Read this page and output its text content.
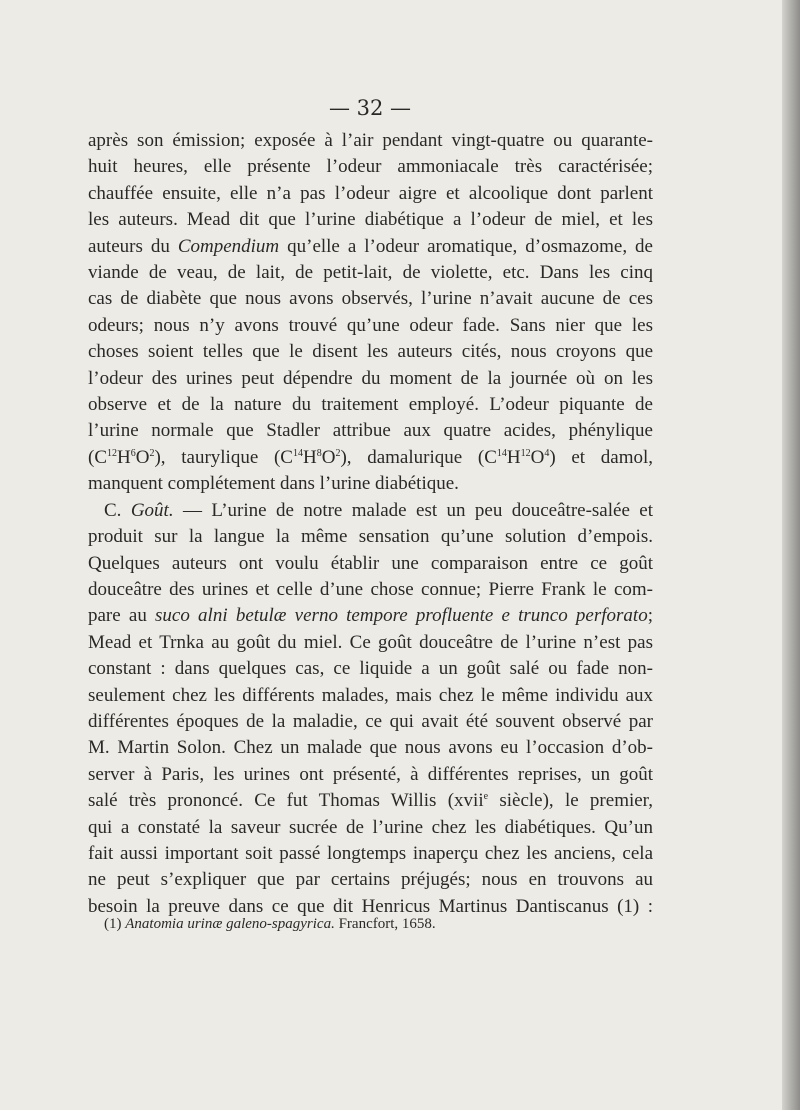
— 32 —
après son émission; exposée à l’air pendant vingt-quatre ou quarante-
huit heures, elle présente l’odeur ammoniacale très caractérisée;
chauffée ensuite, elle n’a pas l’odeur aigre et alcoolique dont parlent
les auteurs. Mead dit que l’urine diabétique a l’odeur de miel, et les
auteurs du Compendium qu’elle a l’odeur aromatique, d’osmazome, de
viande de veau, de lait, de petit-lait, de violette, etc. Dans les cinq
cas de diabète que nous avons observés, l’urine n’avait aucune de ces
odeurs; nous n’y avons trouvé qu’une odeur fade. Sans nier que les
choses soient telles que le disent les auteurs cités, nous croyons que
l’odeur des urines peut dépendre du moment de la journée où on les
observe et de la nature du traitement employé. L’odeur piquante de
l’urine normale que Stadler attribue aux quatre acides, phénylique
$(C^{12}H^6O^2)$, taurylique $(C^{14}H^8O^2)$, damalurique $(C^{14}H^{12}O^4)$ et damol,
manquent complétement dans l’urine diabétique.
C. Goût. — L’urine de notre malade est un peu douceâtre-salée et
produit sur la langue la même sensation qu’une solution d’empois.
Quelques auteurs ont voulu établir une comparaison entre ce goût
douceâtre des urines et celle d’une chose connue; Pierre Frank le com-
pare au suco alni betulæ verno tempore profluente e trunco perforato;
Mead et Trnka au goût du miel. Ce goût douceâtre de l’urine n’est pas
constant : dans quelques cas, ce liquide a un goût salé ou fade non-
seulement chez les différents malades, mais chez le même individu aux
différentes époques de la maladie, ce qui avait été souvent observé par
M. Martin Solon. Chez un malade que nous avons eu l’occasion d’ob-
server à Paris, les urines ont présenté, à différentes reprises, un goût
salé très prononcé. Ce fut Thomas Willis (xvii$^e$ siècle), le premier,
qui a constaté la saveur sucrée de l’urine chez les diabétiques. Qu’un
fait aussi important soit passé longtemps inaperçu chez les anciens, cela
ne peut s’expliquer que par certains préjugés; nous en trouvons au
besoin la preuve dans ce que dit Henricus Martinus Dantiscanus (1) :
(1) Anatomia urinæ galeno-spagyrica. Francfort, 1658.
